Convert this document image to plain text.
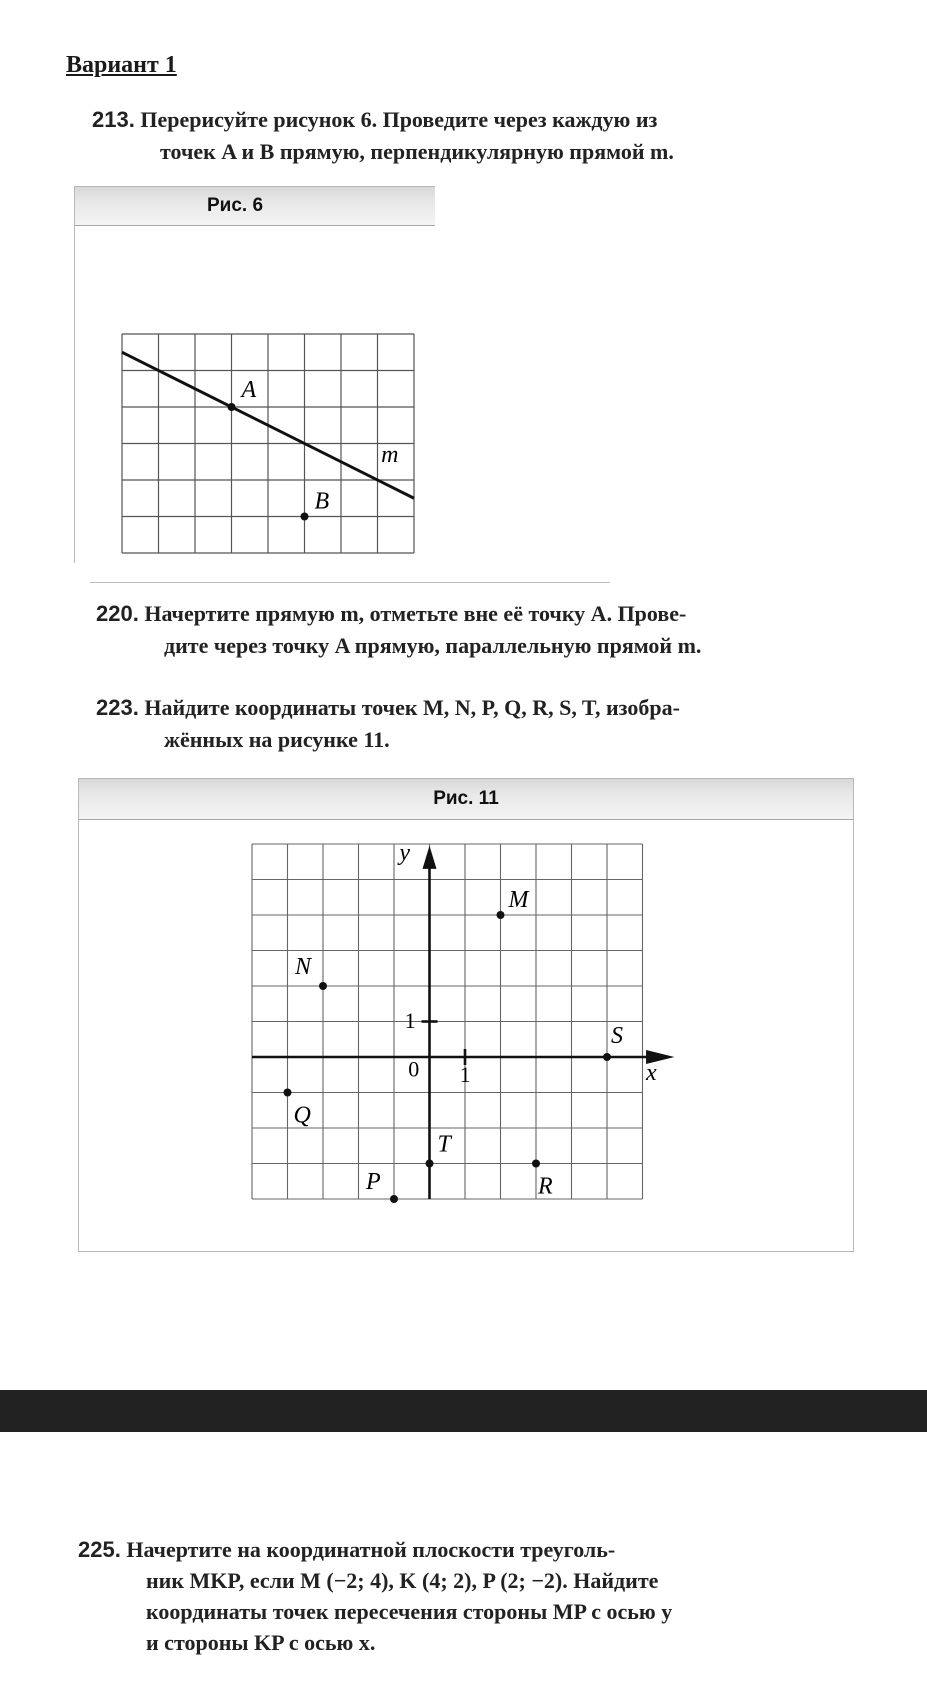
Вариант 1
213. Перерисуйте рисунок 6. Проведите через каждую из
точек A и B прямую, перпендикулярную прямой m.
Рис. 6
A
B
m
220. Начертите прямую m, отметьте вне её точку A. Прове-
дите через точку A прямую, параллельную прямой m.
223. Найдите координаты точек M, N, P, Q, R, S, T, изобра-
жённых на рисунке 11.
Рис. 11
M
N
Q
S
T
R
P
y
x
0 1
1
225. Начертите на координатной плоскости треуголь-
ник MKP, если M (−2; 4), K (4; 2), P (2; −2). Найдите
координаты точек пересечения стороны MP с осью y
и стороны KP с осью x.
